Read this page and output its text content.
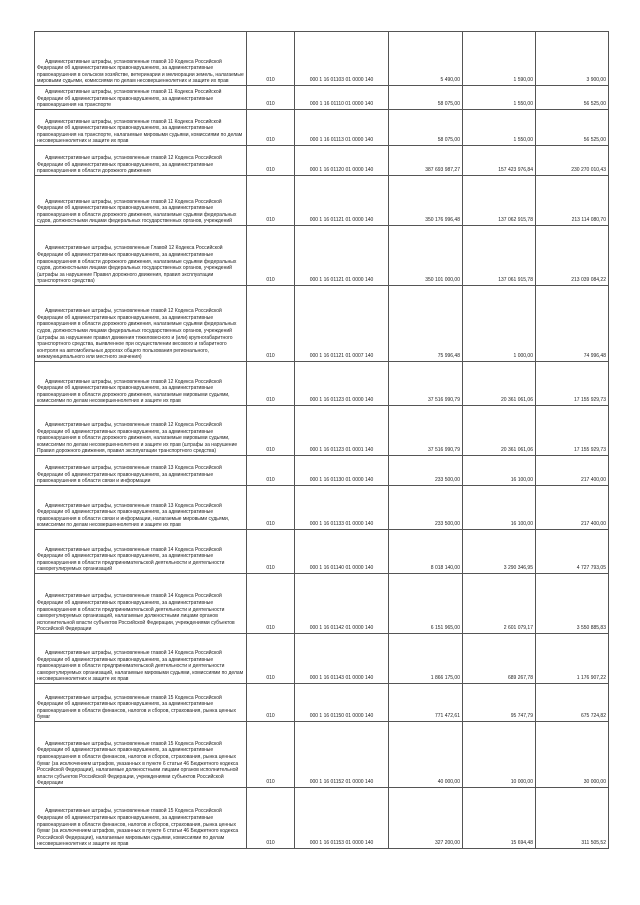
Административные штрафы, установленные главой 10 Кодекса Российской Федерации об административных правонарушениях, за административные правонарушения в сельском хозяйстве, ветеринарии и мелиорации земель, налагаемые мировыми судьями, комиссиями по делам несовершеннолетних и защите их прав	010	000 1 16 01103 01 0000 140	5 490,00	1 590,00	3 900,00
Административные штрафы, установленные главой 11 Кодекса Российской Федерации об административных правонарушениях, за административные правонарушения на транспорте	010	000 1 16 01110 01 0000 140	58 075,00	1 550,00	56 525,00
Административные штрафы, установленные главой 11 Кодекса Российской Федерации об административных правонарушениях, за административные правонарушения на транспорте, налагаемые мировыми судьями, комиссиями по делам несовершеннолетних и защите их прав	010	000 1 16 01113 01 0000 140	58 075,00	1 550,00	56 525,00
Административные штрафы, установленные главой 12 Кодекса Российской Федерации об административных правонарушениях, за административные правонарушения в области дорожного движения	010	000 1 16 01120 01 0000 140	387 693 987,27	157 423 976,84	230 270 010,43
Административные штрафы, установленные главой 12 Кодекса Российской Федерации об административных правонарушениях, за административные правонарушения в области дорожного движения, налагаемые судьями федеральных судов, должностными лицами федеральных государственных органов, учреждений	010	000 1 16 01121 01 0000 140	350 176 996,48	137 062 915,78	213 114 080,70
Административные штрафы, установленные Главой 12 Кодекса Российской Федерации об административных правонарушениях, за административные правонарушения в области дорожного движения, налагаемые судьями федеральных судов, должностными лицами федеральных государственных органов, учреждений (штрафы за нарушение Правил дорожного движения, правил эксплуатации транспортного средства)	010	000 1 16 01121 01 0000 140	350 101 000,00	137 061 915,78	213 039 084,22
Административные штрафы, установленные главой 12 Кодекса Российской Федерации об административных правонарушениях, за административные правонарушения в области дорожного движения, налагаемые судьями федеральных судов, должностными лицами федеральных государственных органов, учреждений (штрафы за нарушение правил движения тяжеловесного и (или) крупногабаритного транспортного средства, выявленное при осуществлении весового и габаритного контроля на автомобильных дорогах общего пользования регионального, межмуниципального или местного значения)	010	000 1 16 01121 01 0007 140	75 996,48	1 000,00	74 996,48
Административные штрафы, установленные главой 12 Кодекса Российской Федерации об административных правонарушениях, за административные правонарушения в области дорожного движения, налагаемые мировыми судьями, комиссиями по делам несовершеннолетних и защите их прав	010	000 1 16 01123 01 0000 140	37 516 990,79	20 361 061,06	17 155 929,73
Административные штрафы, установленные главой 12 Кодекса Российской Федерации об административных правонарушениях, за административные правонарушения в области дорожного движения, налагаемые мировыми судьями, комиссиями по делам несовершеннолетних и защите их прав (штрафы за нарушение Правил дорожного движения, правил эксплуатации транспортного средства)	010	000 1 16 01123 01 0001 140	37 516 990,79	20 361 061,06	17 155 929,73
Административные штрафы, установленные главой 13 Кодекса Российской Федерации об административных правонарушениях, за административные правонарушения в области связи и информации	010	000 1 16 01130 01 0000 140	233 500,00	16 100,00	217 400,00
Административные штрафы, установленные главой 13 Кодекса Российской Федерации об административных правонарушениях, за административные правонарушения в области связи и информации, налагаемые мировыми судьями, комиссиями по делам несовершеннолетних и защите их прав	010	000 1 16 01133 01 0000 140	233 500,00	16 100,00	217 400,00
Административные штрафы, установленные главой 14 Кодекса Российской Федерации об административных правонарушениях, за административные правонарушения в области предпринимательской деятельности и деятельности саморегулируемых организаций	010	000 1 16 01140 01 0000 140	8 018 140,00	3 290 346,95	4 727 793,05
Административные штрафы, установленные главой 14 Кодекса Российской Федерации об административных правонарушениях, за административные правонарушения в области предпринимательской деятельности и деятельности саморегулируемых организаций, налагаемые должностными лицами органов исполнительной власти субъектов Российской Федерации, учреждениями субъектов Российской Федерации	010	000 1 16 01142 01 0000 140	6 151 965,00	2 601 079,17	3 550 885,83
Административные штрафы, установленные главой 14 Кодекса Российской Федерации об административных правонарушениях, за административные правонарушения в области предпринимательской деятельности и деятельности саморегулируемых организаций, налагаемые мировыми судьями, комиссиями по делам несовершеннолетних и защите их прав	010	000 1 16 01143 01 0000 140	1 866 175,00	689 267,78	1 176 907,22
Административные штрафы, установленные главой 15 Кодекса Российской Федерации об административных правонарушениях, за административные правонарушения в области финансов, налогов и сборов, страхования, рынка ценных бумаг	010	000 1 16 01150 01 0000 140	771 472,61	95 747,79	675 724,82
Административные штрафы, установленные главой 15 Кодекса Российской Федерации об административных правонарушениях, за административные правонарушения в области финансов, налогов и сборов, страхования, рынка ценных бумаг (за исключением штрафов, указанных в пункте 6 статьи 46 Бюджетного кодекса Российской Федерации), налагаемые должностными лицами органов исполнительной власти субъектов Российской Федерации, учреждениями субъектов Российской Федерации	010	000 1 16 01152 01 0000 140	40 000,00	10 000,00	30 000,00
Административные штрафы, установленные главой 15 Кодекса Российской Федерации об административных правонарушениях, за административные правонарушения в области финансов, налогов и сборов, страхования, рынка ценных бумаг (за исключением штрафов, указанных в пункте 6 статьи 46 Бюджетного кодекса Российской Федерации), налагаемые мировыми судьями, комиссиями по делам несовершеннолетних и защите их прав	010	000 1 16 01153 01 0000 140	327 200,00	15 694,48	311 505,52
